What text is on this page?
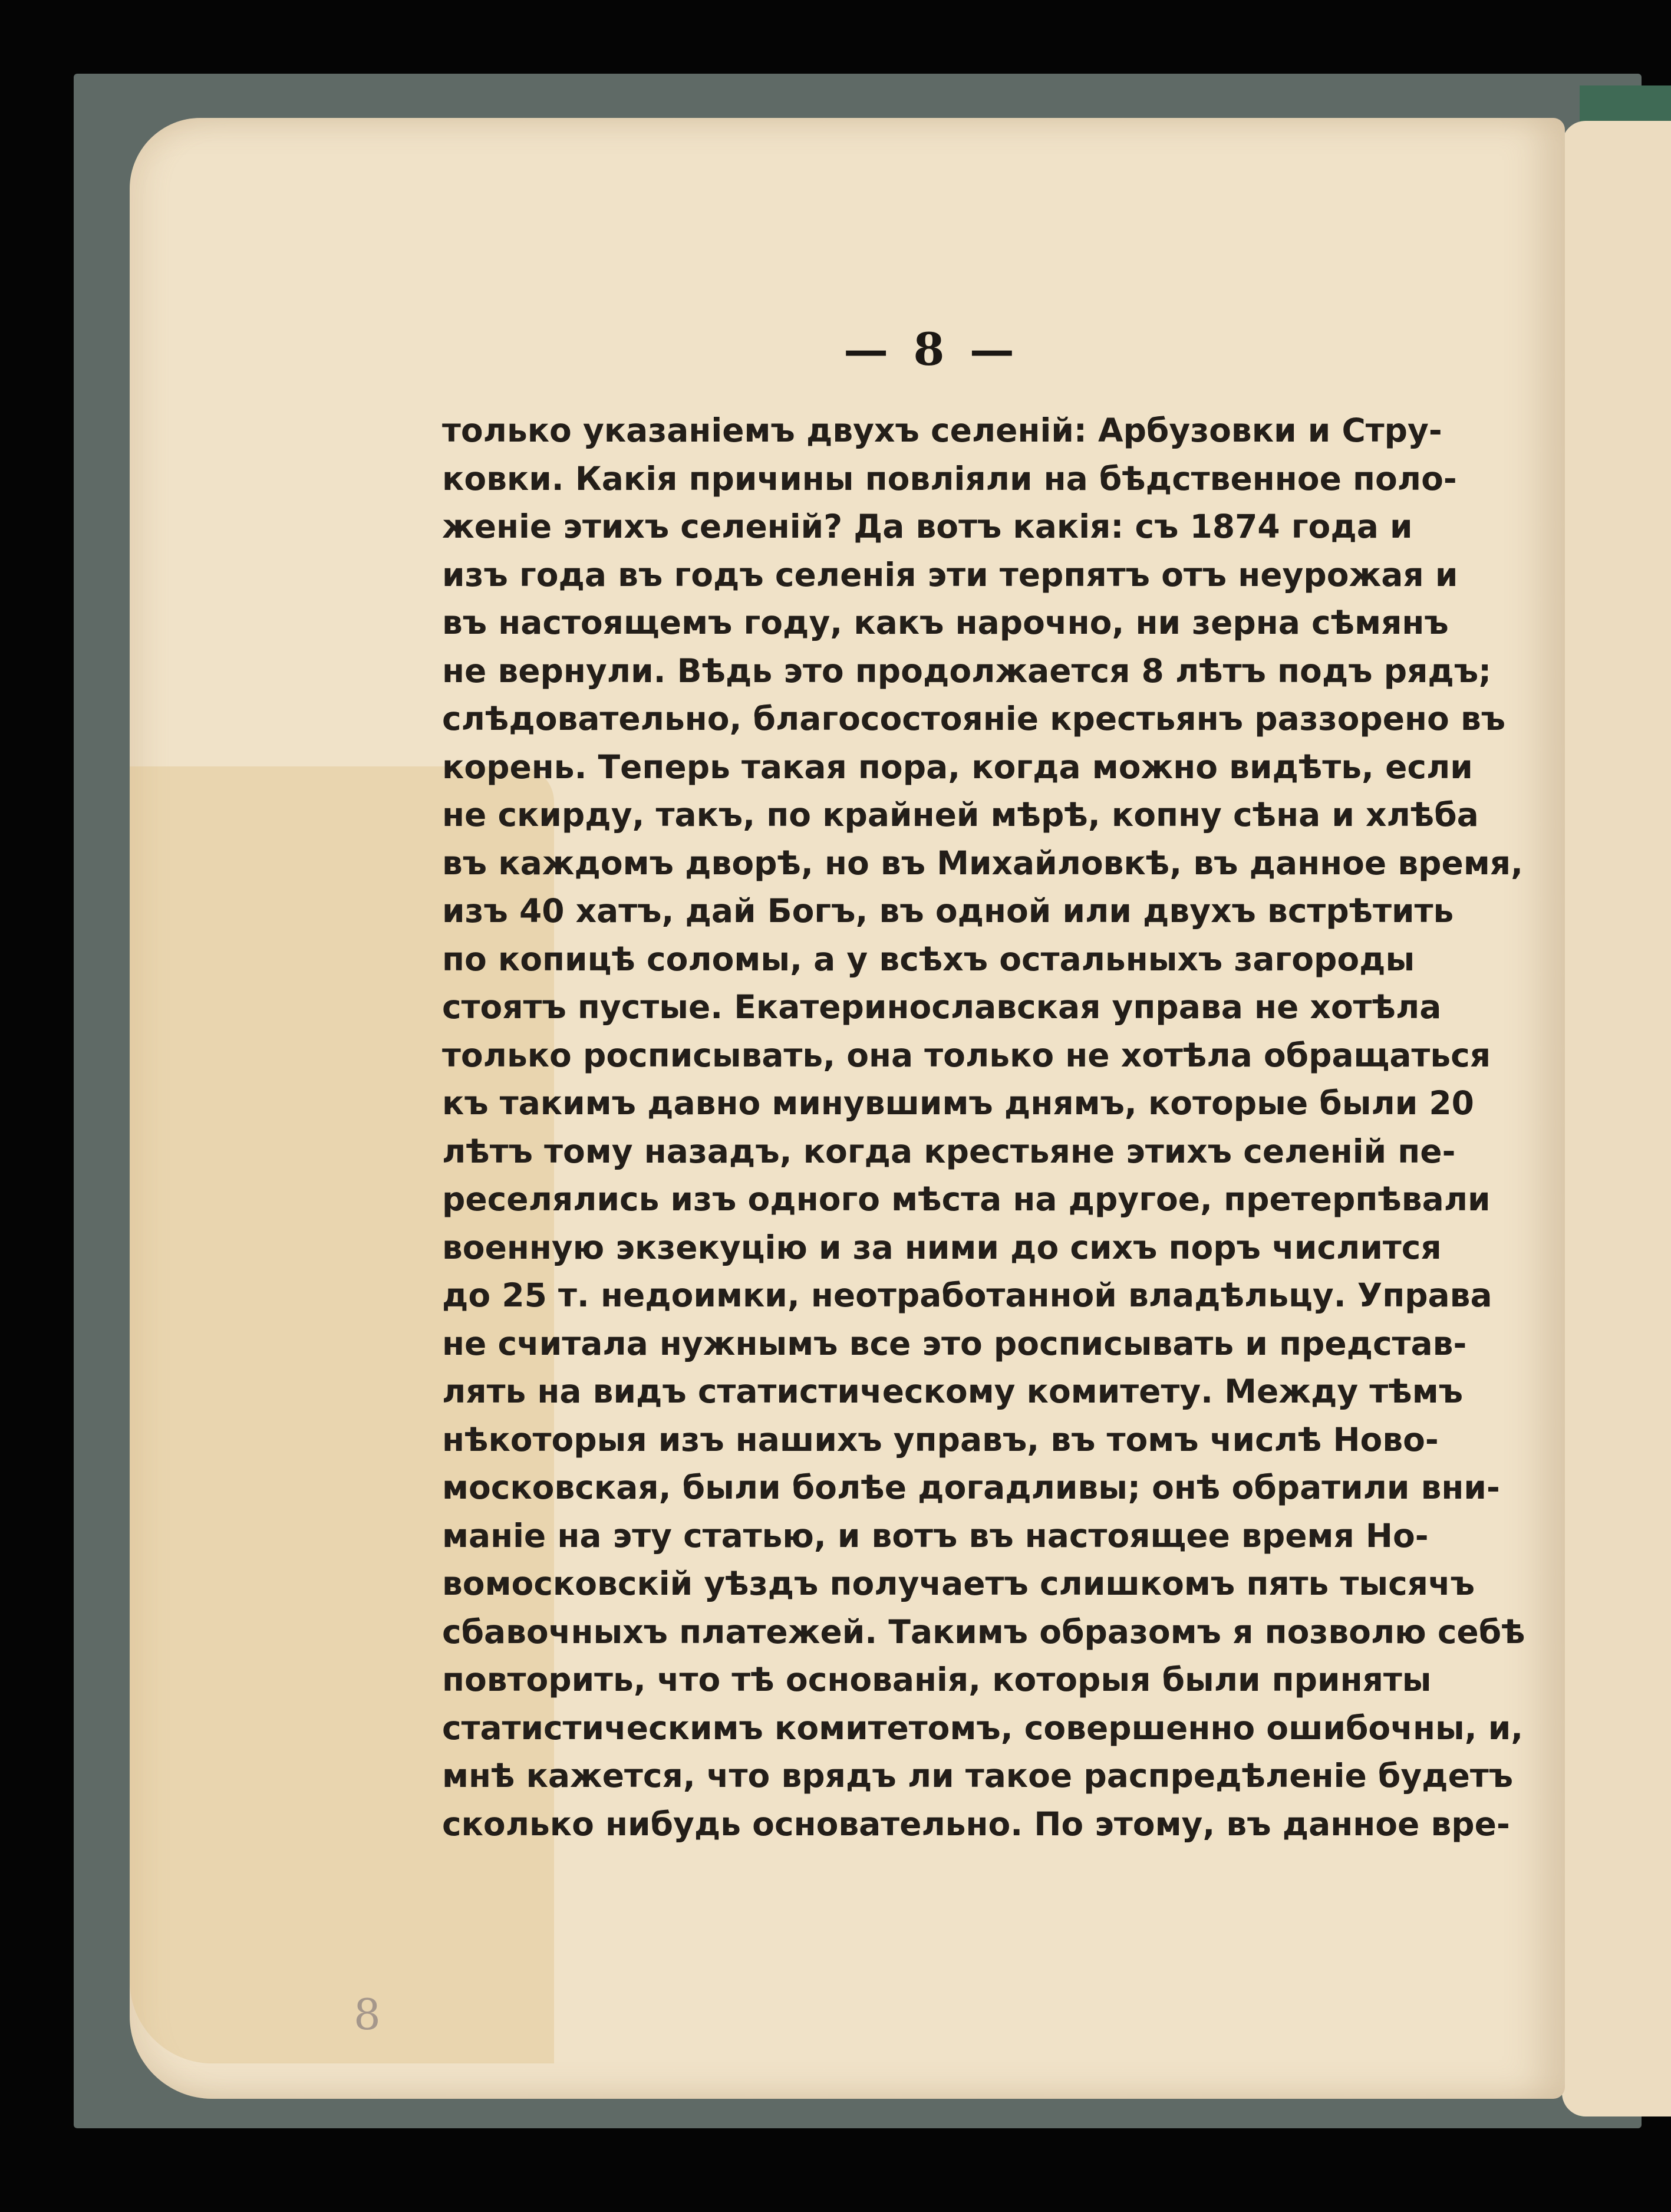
— 8 —
только указаніемъ двухъ селеній: Арбузовки и Стру-
ковки. Какія причины повліяли на бѣдственное поло-
женіе этихъ селеній? Да вотъ какія: съ 1874 года и
изъ года въ годъ селенія эти терпятъ отъ неурожая и
въ настоящемъ году, какъ нарочно, ни зерна сѣмянъ
не вернули. Вѣдь это продолжается 8 лѣтъ подъ рядъ;
слѣдовательно, благосостояніе крестьянъ раззорено въ
корень. Теперь такая пора, когда можно видѣть, если
не скирду, такъ, по крайней мѣрѣ, копну сѣна и хлѣба
въ каждомъ дворѣ, но въ Михайловкѣ, въ данное время,
изъ 40 хатъ, дай Богъ, въ одной или двухъ встрѣтить
по копицѣ соломы, а у всѣхъ остальныхъ загороды
стоятъ пустые. Екатеринославская управа не хотѣла
только росписывать, она только не хотѣла обращаться
къ такимъ давно минувшимъ днямъ, которые были 20
лѣтъ тому назадъ, когда крестьяне этихъ селеній пе-
реселялись изъ одного мѣста на другое, претерпѣвали
военную экзекуцію и за ними до сихъ поръ числится
до 25 т. недоимки, неотработанной владѣльцу. Управа
не считала нужнымъ все это росписывать и представ-
лять на видъ статистическому комитету. Между тѣмъ
нѣкоторыя изъ нашихъ управъ, въ томъ числѣ Ново-
московская, были болѣе догадливы; онѣ обратили вни-
маніе на эту статью, и вотъ въ настоящее время Но-
вомосковскій уѣздъ получаетъ слишкомъ пять тысячъ
сбавочныхъ платежей. Такимъ образомъ я позволю себѣ
повторить, что тѣ основанія, которыя были приняты
статистическимъ комитетомъ, совершенно ошибочны, и,
мнѣ кажется, что врядъ ли такое распредѣленіе будетъ
сколько нибудь основательно. По этому, въ данное вре-
8
